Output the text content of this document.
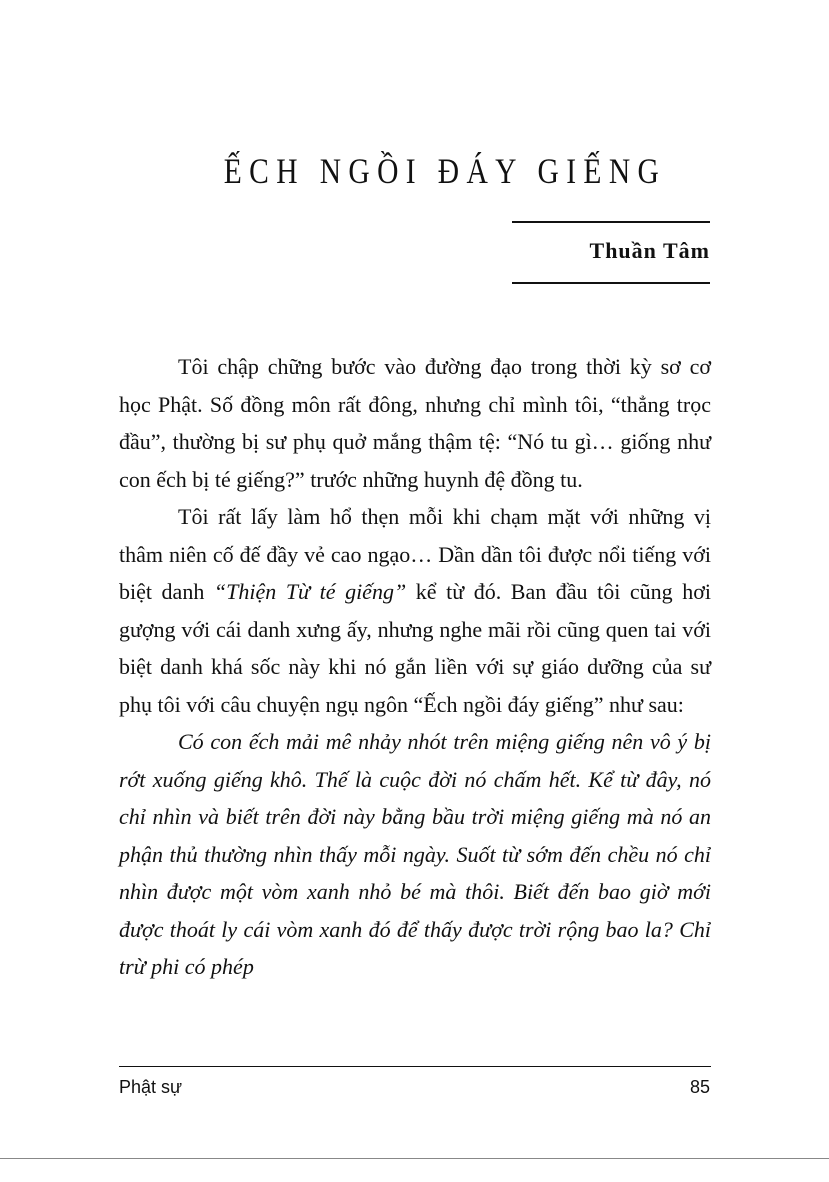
ẾCH NGỒI ĐÁY GIẾNG
Thuần Tâm

Tôi chập chững bước vào đường đạo trong thời kỳ sơ cơ học Phật. Số đồng môn rất đông, nhưng chỉ mình tôi, “thẳng trọc đầu”, thường bị sư phụ quở mắng thậm tệ: “Nó tu gì… giống như con ếch bị té giếng?” trước những huynh đệ đồng tu.

Tôi rất lấy làm hổ thẹn mỗi khi chạm mặt với những vị thâm niên cố đế đầy vẻ cao ngạo… Dần dần tôi được nổi tiếng với biệt danh “Thiện Từ té giếng” kể từ đó. Ban đầu tôi cũng hơi gượng với cái danh xưng ấy, nhưng nghe mãi rồi cũng quen tai với biệt danh khá sốc này khi nó gắn liền với sự giáo dưỡng của sư phụ tôi với câu chuyện ngụ ngôn “Ếch ngồi đáy giếng” như sau:

Có con ếch mải mê nhảy nhót trên miệng giếng nên vô ý bị rớt xuống giếng khô. Thế là cuộc đời nó chấm hết. Kể từ đây, nó chỉ nhìn và biết trên đời này bằng bầu trời miệng giếng mà nó an phận thủ thường nhìn thấy mỗi ngày. Suốt từ sớm đến chều nó chỉ nhìn được một vòm xanh nhỏ bé mà thôi. Biết đến bao giờ mới được thoát ly cái vòm xanh đó để thấy được trời rộng bao la? Chỉ trừ phi có phép

Phật sự	85
